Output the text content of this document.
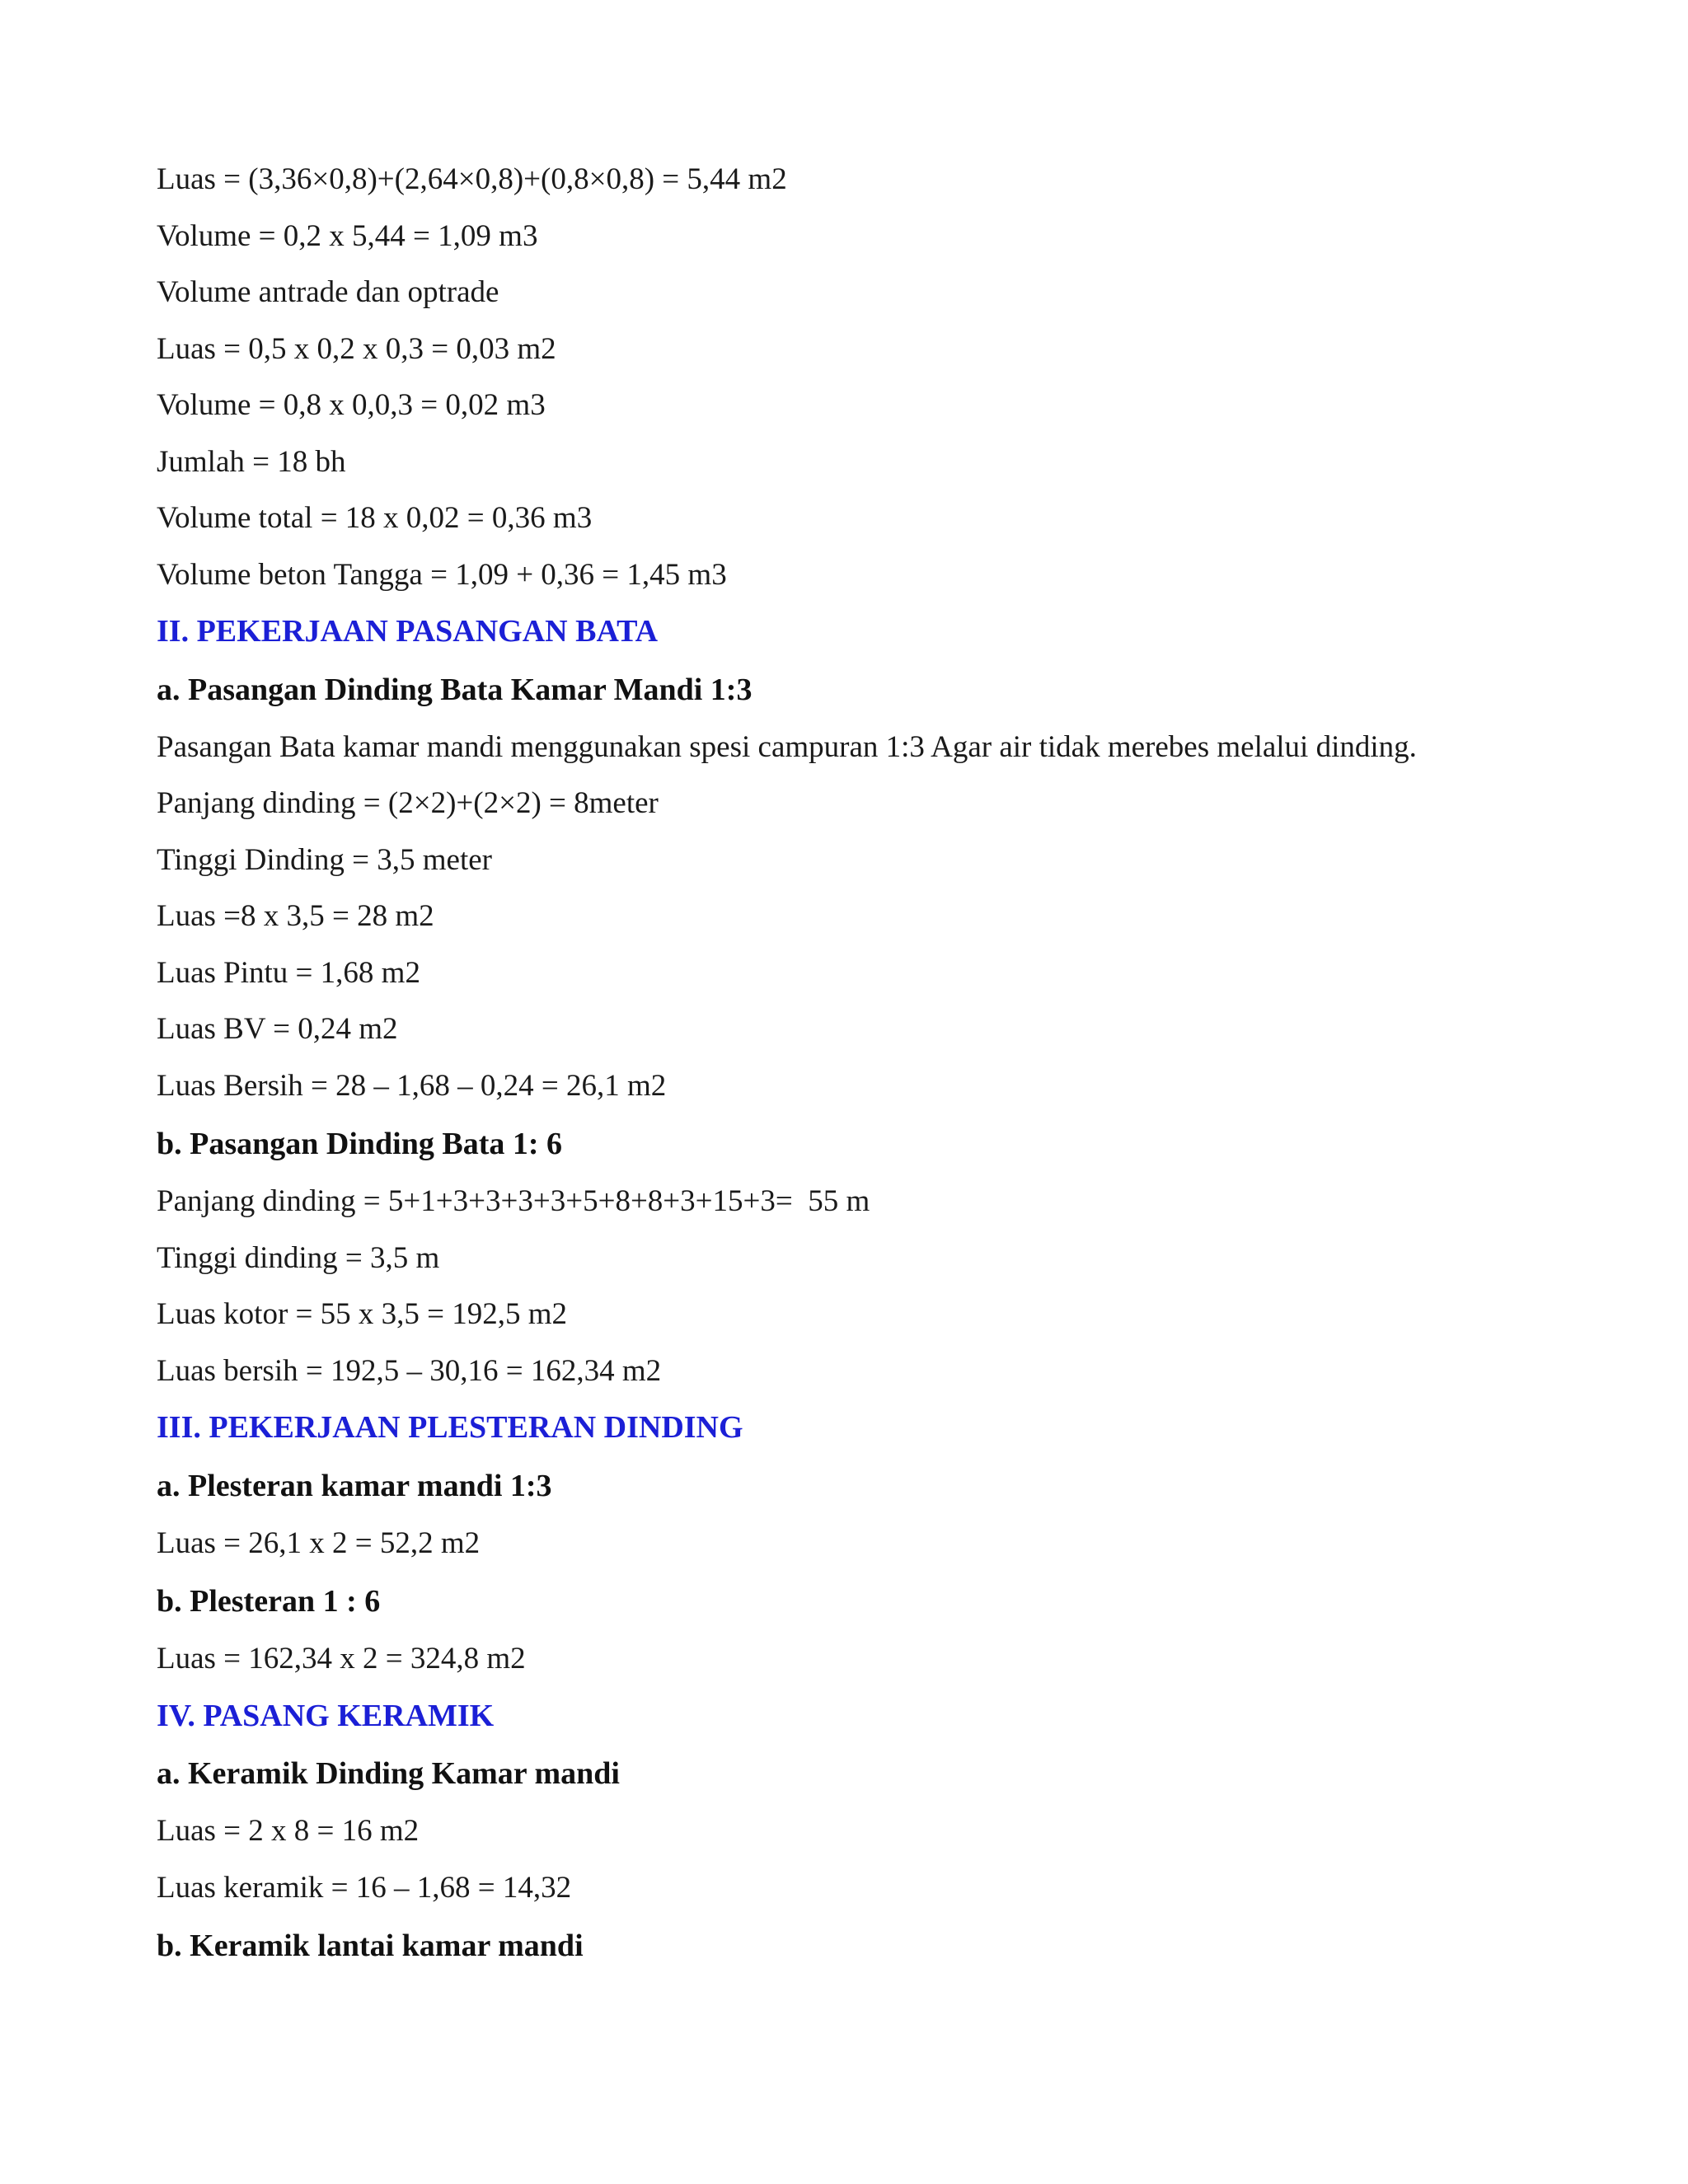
Luas = (3,36×0,8)+(2,64×0,8)+(0,8×0,8) = 5,44 m2

Volume = 0,2 x 5,44 = 1,09 m3

Volume antrade dan optrade

Luas = 0,5 x 0,2 x 0,3 = 0,03 m2

Volume = 0,8 x 0,0,3 = 0,02 m3

Jumlah = 18 bh

Volume total = 18 x 0,02 = 0,36 m3

Volume beton Tangga = 1,09 + 0,36 = 1,45 m3

II. PEKERJAAN PASANGAN BATA
a. Pasangan Dinding Bata Kamar Mandi 1:3

Pasangan Bata kamar mandi menggunakan spesi campuran 1:3 Agar air tidak merebes melalui dinding.

Panjang dinding = (2×2)+(2×2) = 8meter

Tinggi Dinding = 3,5 meter

Luas =8 x 3,5 = 28 m2

Luas Pintu = 1,68 m2

Luas BV = 0,24 m2

Luas Bersih = 28 – 1,68 – 0,24 = 26,1 m2

b. Pasangan Dinding Bata 1: 6

Panjang dinding = 5+1+3+3+3+3+5+8+8+3+15+3=  55 m

Tinggi dinding = 3,5 m

Luas kotor = 55 x 3,5 = 192,5 m2

Luas bersih = 192,5 – 30,16 = 162,34 m2

III. PEKERJAAN PLESTERAN DINDING
a. Plesteran kamar mandi 1:3

Luas = 26,1 x 2 = 52,2 m2

b. Plesteran 1 : 6

Luas = 162,34 x 2 = 324,8 m2

IV. PASANG KERAMIK
a. Keramik Dinding Kamar mandi

Luas = 2 x 8 = 16 m2

Luas keramik = 16 – 1,68 = 14,32

b. Keramik lantai kamar mandi
